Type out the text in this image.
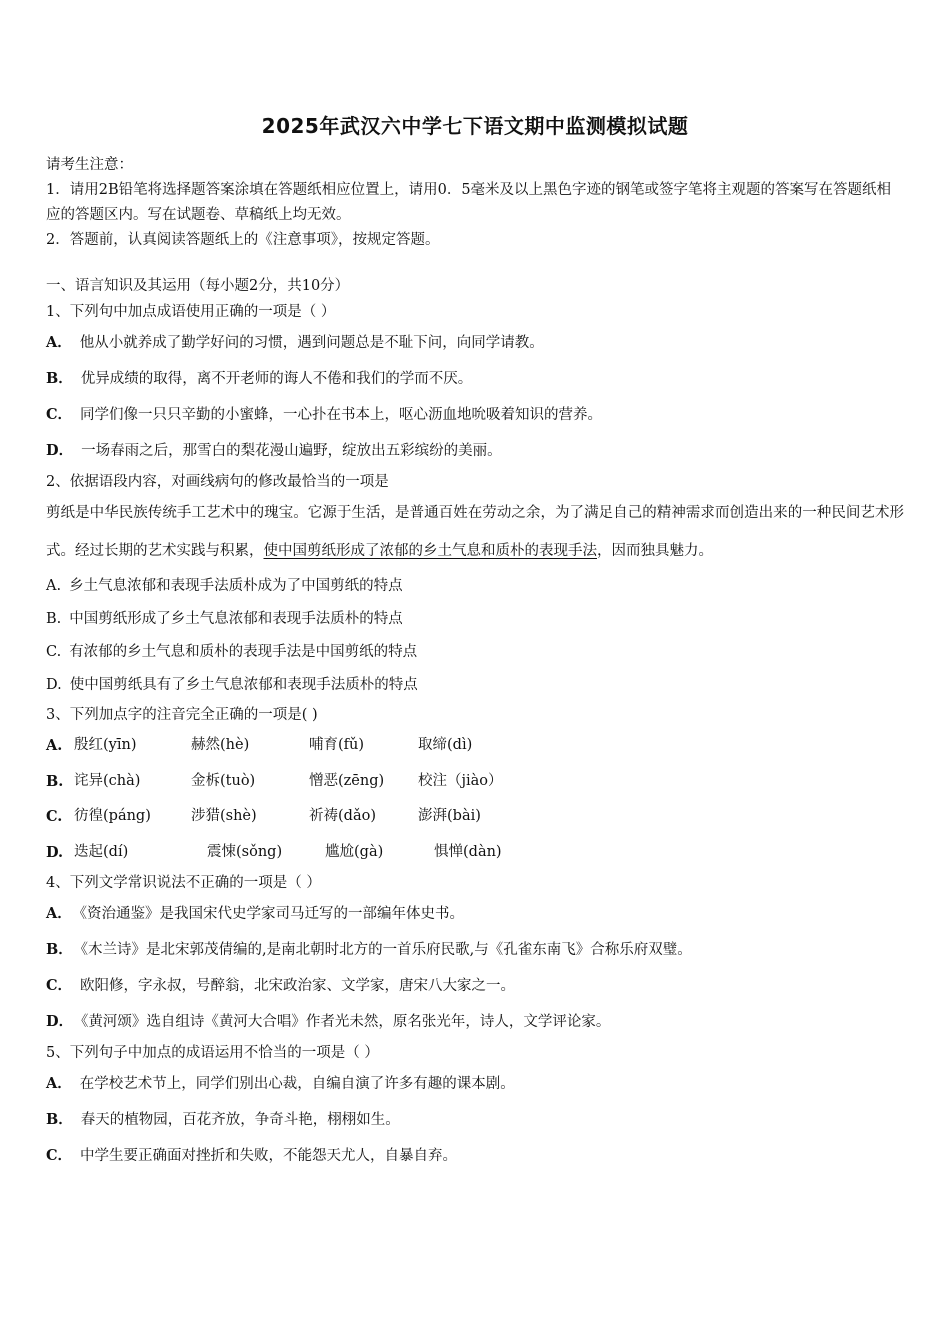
2025年武汉六中学七下语文期中监测模拟试题

请考生注意：

1．请用2B铅笔将选择题答案涂填在答题纸相应位置上，请用0．5毫米及以上黑色字迹的钢笔或签字笔将主观题的答案写在答题纸相应的答题区内。写在试题卷、草稿纸上均无效。

2．答题前，认真阅读答题纸上的《注意事项》，按规定答题。

一、语言知识及其运用（每小题2分，共10分）

1、下列句中加点成语使用正确的一项是（ ）

A． 他从小就养成了勤学好问的习惯，遇到问题总是不耻下问，向同学请教。

B． 优异成绩的取得，离不开老师的诲人不倦和我们的学而不厌。

C． 同学们像一只只辛勤的小蜜蜂，一心扑在书本上，呕心沥血地吮吸着知识的营养。

D． 一场春雨之后，那雪白的梨花漫山遍野，绽放出五彩缤纷的美丽。

2、依据语段内容，对画线病句的修改最恰当的一项是

剪纸是中华民族传统手工艺术中的瑰宝。它源于生活，是普通百姓在劳动之余，为了满足自己的精神需求而创造出来的一种民间艺术形式。经过长期的艺术实践与积累，使中国剪纸形成了浓郁的乡土气息和质朴的表现手法，因而独具魅力。

A. 乡土气息浓郁和表现手法质朴成为了中国剪纸的特点

B. 中国剪纸形成了乡土气息浓郁和表现手法质朴的特点

C. 有浓郁的乡土气息和质朴的表现手法是中国剪纸的特点

D. 使中国剪纸具有了乡土气息浓郁和表现手法质朴的特点

3、下列加点字的注音完全正确的一项是( )

A. 殷红(yīn)	赫然(hè)	哺育(fǔ)	取缔(dì)
B. 诧异(chà)	金柝(tuò)	憎恶(zēng)	校注（jiào）
C. 彷徨(páng)	涉猎(shè)	祈祷(dǎo)	澎湃(bài)
D. 迭起(dí)	震悚(sǒng)	尴尬(gà)	惧惮(dàn)

4、下列文学常识说法不正确的一项是（ ）

A． 《资治通鉴》是我国宋代史学家司马迁写的一部编年体史书。

B． 《木兰诗》是北宋郭茂倩编的,是南北朝时北方的一首乐府民歌,与《孔雀东南飞》合称乐府双璧。

C． 欧阳修，字永叔，号醉翁，北宋政治家、文学家，唐宋八大家之一。

D． 《黄河颂》选自组诗《黄河大合唱》作者光未然，原名张光年，诗人，文学评论家。

5、下列句子中加点的成语运用不恰当的一项是（ ）

A． 在学校艺术节上，同学们别出心裁，自编自演了许多有趣的课本剧。

B． 春天的植物园，百花齐放，争奇斗艳，栩栩如生。

C． 中学生要正确面对挫折和失败，不能怨天尤人，自暴自弃。
